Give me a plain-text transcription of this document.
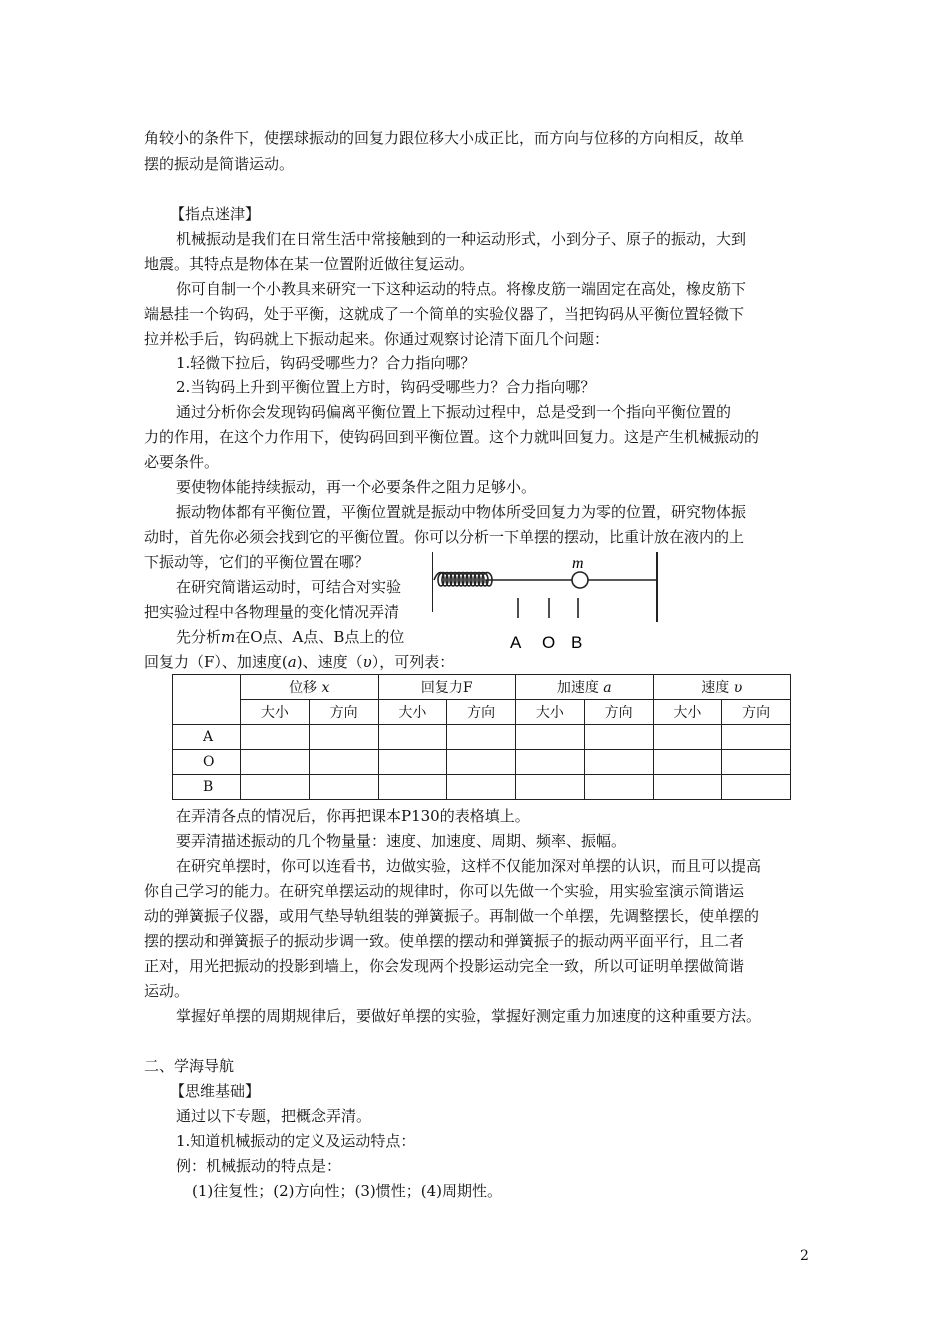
角较小的条件下，使摆球振动的回复力跟位移大小成正比，而方向与位移的方向相反，故单
摆的振动是简谐运动。
【指点迷津】
机械振动是我们在日常生活中常接触到的一种运动形式，小到分子、原子的振动，大到
地震。其特点是物体在某一位置附近做往复运动。
你可自制一个小教具来研究一下这种运动的特点。将橡皮筋一端固定在高处，橡皮筋下
端悬挂一个钩码，处于平衡，这就成了一个简单的实验仪器了，当把钩码从平衡位置轻微下
拉并松手后，钩码就上下振动起来。你通过观察讨论清下面几个问题：
1.轻微下拉后，钩码受哪些力？合力指向哪？
2.当钩码上升到平衡位置上方时，钩码受哪些力？合力指向哪？
通过分析你会发现钩码偏离平衡位置上下振动过程中，总是受到一个指向平衡位置的
力的作用，在这个力作用下，使钩码回到平衡位置。这个力就叫回复力。这是产生机械振动的
必要条件。
要使物体能持续振动，再一个必要条件之阻力足够小。
振动物体都有平衡位置，平衡位置就是振动中物体所受回复力为零的位置，研究物体振
动时，首先你必须会找到它的平衡位置。你可以分析一下单摆的摆动，比重计放在液内的上
下振动等，它们的平衡位置在哪？
在研究简谐运动时，可结合对实验
把实验过程中各物理量的变化情况弄清
先分析m在O点、A点、B点上的位
回复力（F）、加速度(a)、速度（υ），可列表：
m
A O B
	位移 x		回复力F		加速度 a		速度 υ	
	大小	方向	大小	方向	大小	方向	大小	方向
A								
O								
B								
在弄清各点的情况后，你再把课本P130的表格填上。
要弄清描述振动的几个物量量：速度、加速度、周期、频率、振幅。
在研究单摆时，你可以连看书，边做实验，这样不仅能加深对单摆的认识，而且可以提高
你自己学习的能力。在研究单摆运动的规律时，你可以先做一个实验，用实验室演示简谐运
动的弹簧振子仪器，或用气垫导轨组装的弹簧振子。再制做一个单摆，先调整摆长，使单摆的
摆的摆动和弹簧振子的振动步调一致。使单摆的摆动和弹簧振子的振动两平面平行，且二者
正对，用光把振动的投影到墙上，你会发现两个投影运动完全一致，所以可证明单摆做简谐
运动。
掌握好单摆的周期规律后，要做好单摆的实验，掌握好测定重力加速度的这种重要方法。
二、学海导航
【思维基础】
通过以下专题，把概念弄清。
1.知道机械振动的定义及运动特点：
例：机械振动的特点是：
(1)往复性；(2)方向性；(3)惯性；(4)周期性。
2
